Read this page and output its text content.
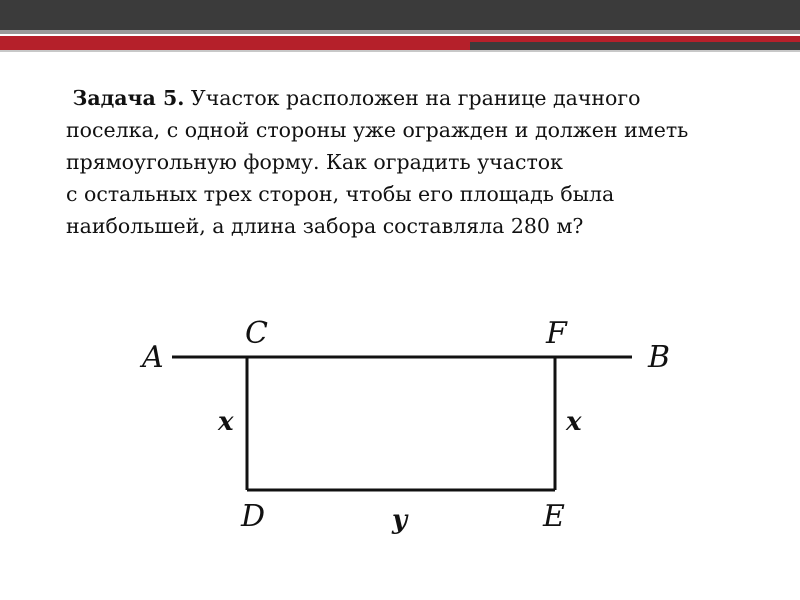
Задача 5. Участок расположен на границе дачного

поселка, с одной стороны уже огражден и должен иметь

прямоугольную форму. Как оградить участок

с остальных трех сторон, чтобы его площадь была

наибольшей, а длина забора составляла 280 м?

A	B
C	F
D	E
x	x
y
